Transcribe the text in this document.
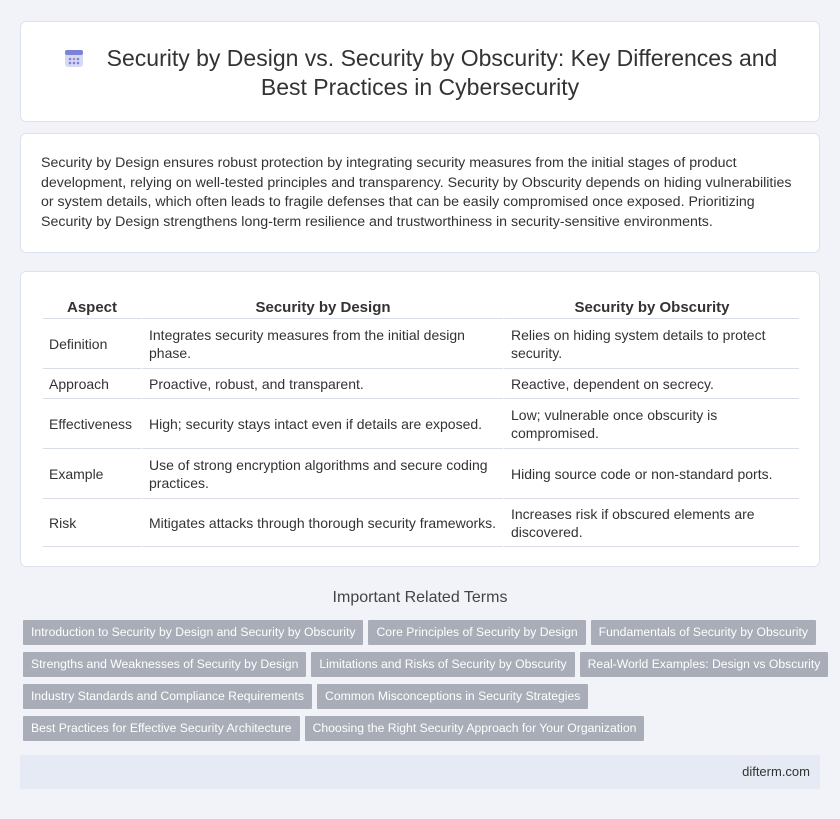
Security by Design vs. Security by Obscurity: Key Differences and
Best Practices in Cybersecurity

Security by Design ensures robust protection by integrating security measures from the initial stages of product development, relying on well-tested principles and transparency. Security by Obscurity depends on hiding vulnerabilities or system details, which often leads to fragile defenses that can be easily compromised once exposed. Prioritizing Security by Design strengthens long-term resilience and trustworthiness in security-sensitive environments.

Aspect	Security by Design	Security by Obscurity
Definition	Integrates security measures from the initial design phase.	Relies on hiding system details to protect security.
Approach	Proactive, robust, and transparent.	Reactive, dependent on secrecy.
Effectiveness	High; security stays intact even if details are exposed.	Low; vulnerable once obscurity is compromised.
Example	Use of strong encryption algorithms and secure coding practices.	Hiding source code or non-standard ports.
Risk	Mitigates attacks through thorough security frameworks.	Increases risk if obscured elements are discovered.
Important Related Terms
Introduction to Security by Design and Security by Obscurity Core Principles of Security by Design Fundamentals of Security by Obscurity
Strengths and Weaknesses of Security by Design Limitations and Risks of Security by Obscurity Real-World Examples: Design vs Obscurity
Industry Standards and Compliance Requirements Common Misconceptions in Security Strategies
Best Practices for Effective Security Architecture Choosing the Right Security Approach for Your Organization
difterm.com
